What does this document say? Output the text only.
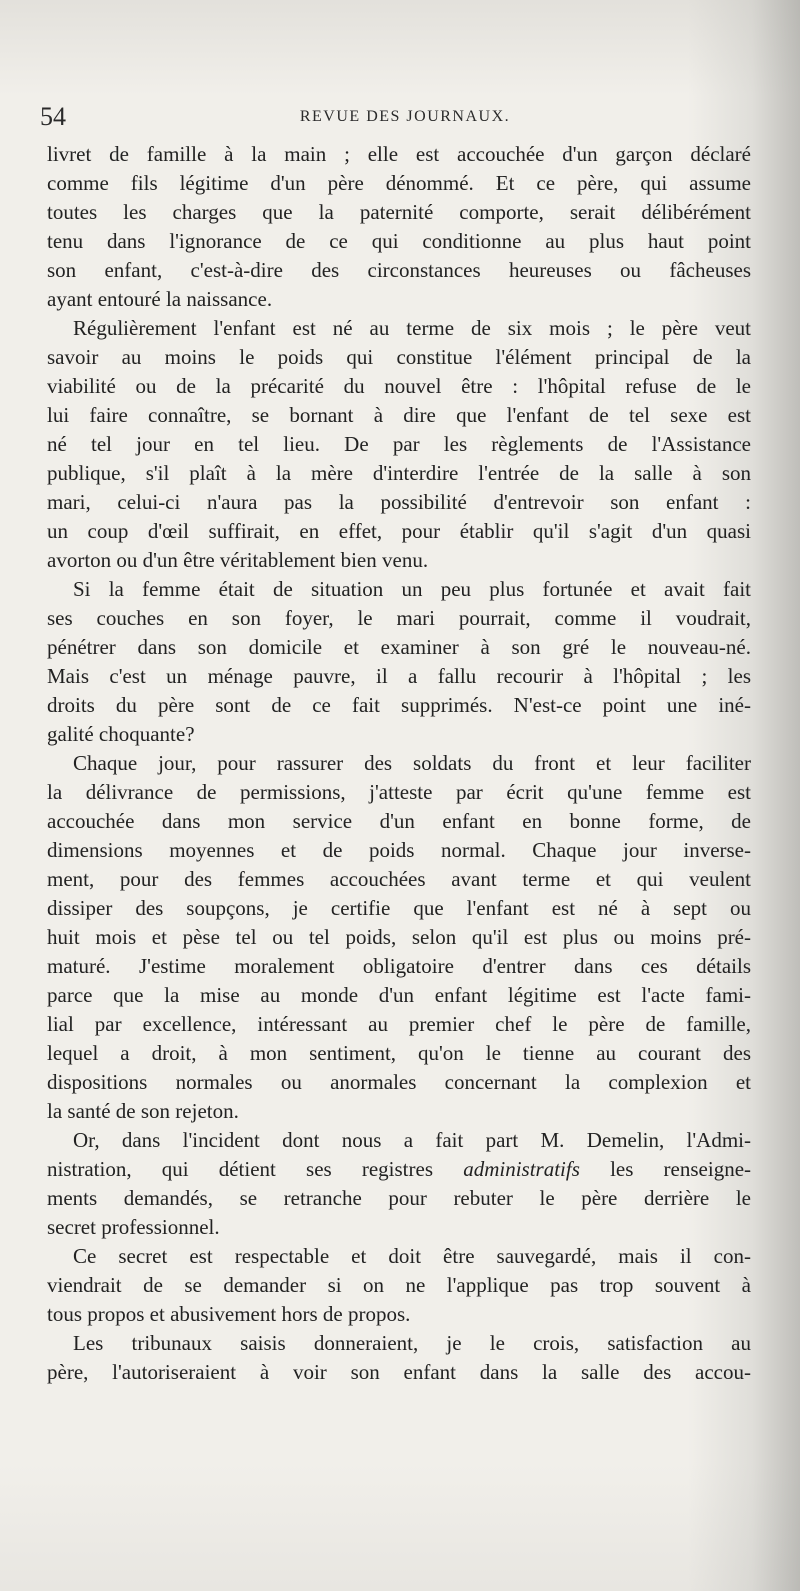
54	REVUE DES JOURNAUX.
livret de famille à la main ; elle est accouchée d'un garçon déclaré
comme fils légitime d'un père dénommé. Et ce père, qui assume
toutes les charges que la paternité comporte, serait délibérément
tenu dans l'ignorance de ce qui conditionne au plus haut point
son enfant, c'est-à-dire des circonstances heureuses ou fâcheuses
ayant entouré la naissance.
Régulièrement l'enfant est né au terme de six mois ; le père veut
savoir au moins le poids qui constitue l'élément principal de la
viabilité ou de la précarité du nouvel être : l'hôpital refuse de le
lui faire connaître, se bornant à dire que l'enfant de tel sexe est
né tel jour en tel lieu. De par les règlements de l'Assistance
publique, s'il plaît à la mère d'interdire l'entrée de la salle à son
mari, celui-ci n'aura pas la possibilité d'entrevoir son enfant :
un coup d'œil suffirait, en effet, pour établir qu'il s'agit d'un quasi
avorton ou d'un être véritablement bien venu.
Si la femme était de situation un peu plus fortunée et avait fait
ses couches en son foyer, le mari pourrait, comme il voudrait,
pénétrer dans son domicile et examiner à son gré le nouveau-né.
Mais c'est un ménage pauvre, il a fallu recourir à l'hôpital ; les
droits du père sont de ce fait supprimés. N'est-ce point une iné-
galité choquante?
Chaque jour, pour rassurer des soldats du front et leur faciliter
la délivrance de permissions, j'atteste par écrit qu'une femme est
accouchée dans mon service d'un enfant en bonne forme, de
dimensions moyennes et de poids normal. Chaque jour inverse-
ment, pour des femmes accouchées avant terme et qui veulent
dissiper des soupçons, je certifie que l'enfant est né à sept ou
huit mois et pèse tel ou tel poids, selon qu'il est plus ou moins pré-
maturé. J'estime moralement obligatoire d'entrer dans ces détails
parce que la mise au monde d'un enfant légitime est l'acte fami-
lial par excellence, intéressant au premier chef le père de famille,
lequel a droit, à mon sentiment, qu'on le tienne au courant des
dispositions normales ou anormales concernant la complexion et
la santé de son rejeton.
Or, dans l'incident dont nous a fait part M. Demelin, l'Admi-
nistration, qui détient ses registres administratifs les renseigne-
ments demandés, se retranche pour rebuter le père derrière le
secret professionnel.
Ce secret est respectable et doit être sauvegardé, mais il con-
viendrait de se demander si on ne l'applique pas trop souvent à
tous propos et abusivement hors de propos.
Les tribunaux saisis donneraient, je le crois, satisfaction au
père, l'autoriseraient à voir son enfant dans la salle des accou-
